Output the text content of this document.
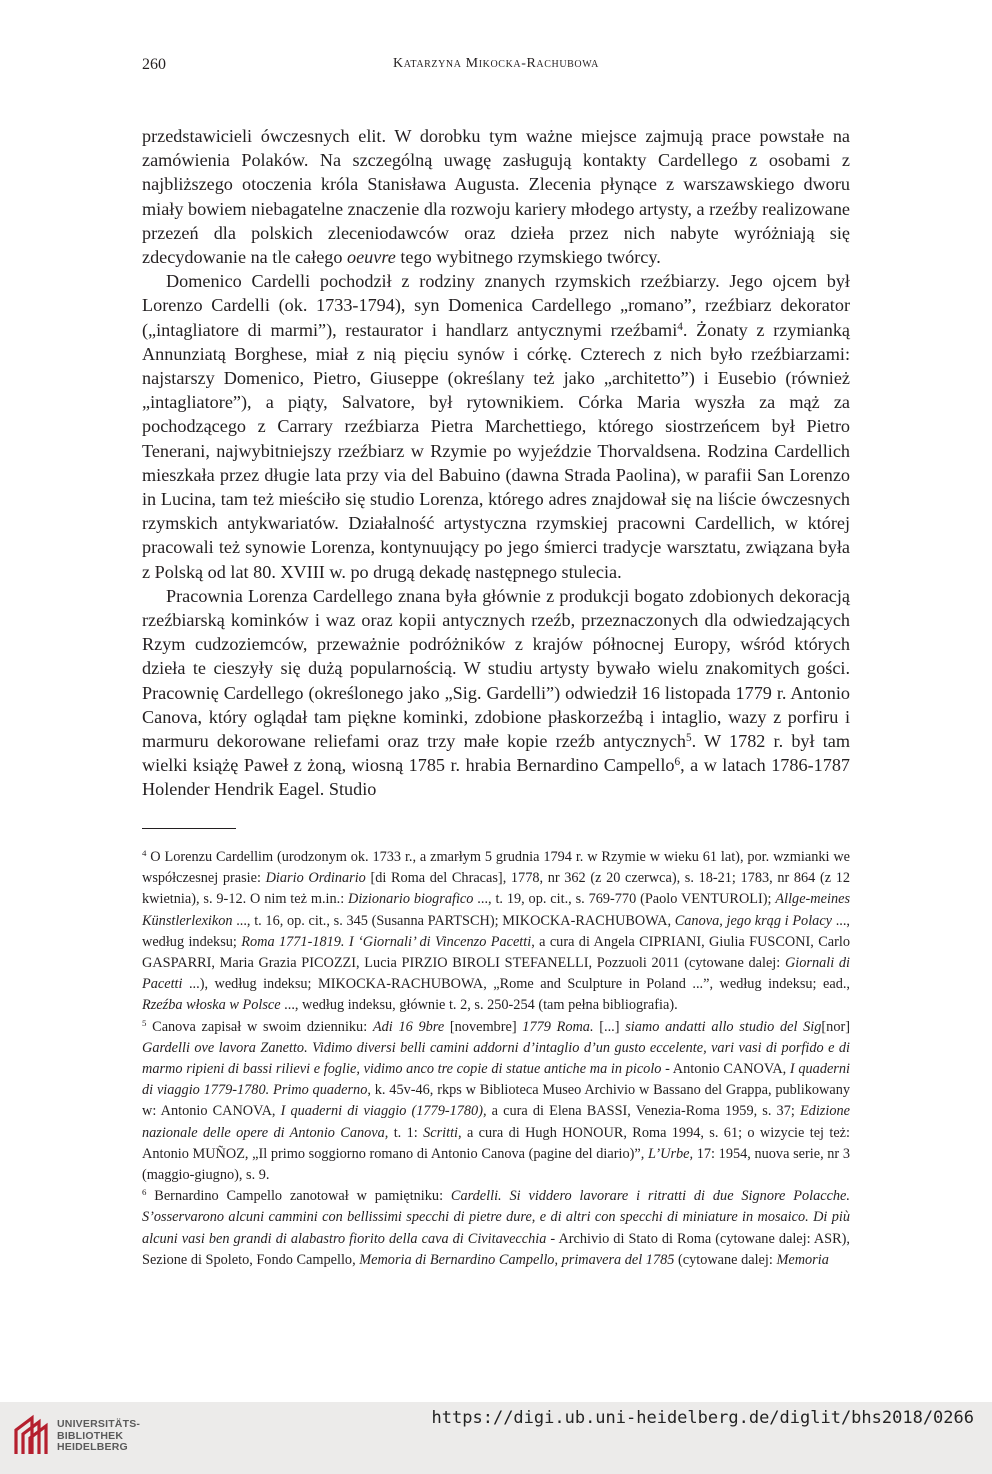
260	Katarzyna Mikocka-Rachubowa

przedstawicieli ówczesnych elit. W dorobku tym ważne miejsce zajmują prace powstałe na zamówienia Polaków. Na szczególną uwagę zasługują kontakty Cardellego z osobami z najbliższego otoczenia króla Stanisława Augusta. Zlecenia płynące z warszawskiego dworu miały bowiem niebagatelne znaczenie dla rozwoju kariery młodego artysty, a rzeźby realizowane przezeń dla polskich zleceniodawców oraz dzieła przez nich nabyte wyróżniają się zdecydowanie na tle całego oeuvre tego wybitnego rzymskiego twórcy.

Domenico Cardelli pochodził z rodziny znanych rzymskich rzeźbiarzy. Jego ojcem był Lorenzo Cardelli (ok. 1733-1794), syn Domenica Cardellego „romano”, rzeźbiarz dekorator („intagliatore di marmi”), restaurator i handlarz antycznymi rzeźbami$^4$. Żonaty z rzymianką Annunziatą Borghese, miał z nią pięciu synów i córkę. Czterech z nich było rzeźbiarzami: najstarszy Domenico, Pietro, Giuseppe (określany też jako „architetto”) i Eusebio (również „intagliatore”), a piąty, Salvatore, był rytownikiem. Córka Maria wyszła za mąż za pochodzącego z Carrary rzeźbiarza Pietra Marchettiego, którego siostrzeńcem był Pietro Tenerani, najwybitniejszy rzeźbiarz w Rzymie po wyjeździe Thorvaldsena. Rodzina Cardellich mieszkała przez długie lata przy via del Babuino (dawna Strada Paolina), w parafii San Lorenzo in Lucina, tam też mieściło się studio Lorenza, którego adres znajdował się na liście ówczesnych rzymskich antykwariatów. Działalność artystyczna rzymskiej pracowni Cardellich, w której pracowali też synowie Lorenza, kontynuujący po jego śmierci tradycje warsztatu, związana była z Polską od lat 80. XVIII w. po drugą dekadę następnego stulecia.

Pracownia Lorenza Cardellego znana była głównie z produkcji bogato zdobionych dekoracją rzeźbiarską kominków i waz oraz kopii antycznych rzeźb, przeznaczonych dla odwiedzających Rzym cudzoziemców, przeważnie podróżników z krajów północnej Europy, wśród których dzieła te cieszyły się dużą popularnością. W studiu artysty bywało wielu znakomitych gości. Pracownię Cardellego (określonego jako „Sig. Gardelli”) odwiedził 16 listopada 1779 r. Antonio Canova, który oglądał tam piękne kominki, zdobione płaskorzeźbą i intaglio, wazy z porfiru i marmuru dekorowane reliefami oraz trzy małe kopie rzeźb antycznych$^5$. W 1782 r. był tam wielki książę Paweł z żoną, wiosną 1785 r. hrabia Bernardino Campello$^6$, a w latach 1786-1787 Holender Hendrik Eagel. Studio

$^4$ O Lorenzu Cardellim (urodzonym ok. 1733 r., a zmarłym 5 grudnia 1794 r. w Rzymie w wieku 61 lat), por. wzmianki we współczesnej prasie: Diario Ordinario [di Roma del Chracas], 1778, nr 362 (z 20 czerwca), s. 18-21; 1783, nr 864 (z 12 kwietnia), s. 9-12. O nim też m.in.: Dizionario biografico ..., t. 19, op. cit., s. 769-770 (Paolo VENTUROLI); Allge-meines Künstlerlexikon ..., t. 16, op. cit., s. 345 (Susanna PARTSCH); MIKOCKA-RACHUBOWA, Canova, jego krąg i Polacy ..., według indeksu; Roma 1771-1819. I ‘Giornali’ di Vincenzo Pacetti, a cura di Angela CIPRIANI, Giulia FUSCONI, Carlo GASPARRI, Maria Grazia PICOZZI, Lucia PIRZIO BIROLI STEFANELLI, Pozzuoli 2011 (cytowane dalej: Giornali di Pacetti ...), według indeksu; MIKOCKA-RACHUBOWA, „Rome and Sculpture in Poland ...”, według indeksu; ead., Rzeźba włoska w Polsce ..., według indeksu, głównie t. 2, s. 250-254 (tam pełna bibliografia).

$^5$ Canova zapisał w swoim dzienniku: Adi 16 9bre [novembre] 1779 Roma. [...] siamo andatti allo studio del Sig[nor] Gardelli ove lavora Zanetto. Vidimo diversi belli camini addorni d’intaglio d’un gusto eccelente, vari vasi di porfido e di marmo ripieni di bassi rilievi e foglie, vidimo anco tre copie di statue antiche ma in picolo - Antonio CANOVA, I quaderni di viaggio 1779-1780. Primo quaderno, k. 45v-46, rkps w Biblioteca Museo Archivio w Bassano del Grappa, publikowany w: Antonio CANOVA, I quaderni di viaggio (1779-1780), a cura di Elena BASSI, Venezia-Roma 1959, s. 37; Edizione nazionale delle opere di Antonio Canova, t. 1: Scritti, a cura di Hugh HONOUR, Roma 1994, s. 61; o wizycie tej też: Antonio MUÑOZ, „Il primo soggiorno romano di Antonio Canova (pagine del diario)”, L’Urbe, 17: 1954, nuova serie, nr 3 (maggio-giugno), s. 9.

$^6$ Bernardino Campello zanotował w pamiętniku: Cardelli. Si viddero lavorare i ritratti di due Signore Polacche. S’osservarono alcuni cammini con bellissimi specchi di pietre dure, e di altri con specchi di miniature in mosaico. Di più alcuni vasi ben grandi di alabastro fiorito della cava di Civitavecchia - Archivio di Stato di Roma (cytowane dalej: ASR), Sezione di Spoleto, Fondo Campello, Memoria di Bernardino Campello, primavera del 1785 (cytowane dalej: Memoria

UNIVERSITÄTS-
BIBLIOTHEK
HEIDELBERG
https://digi.ub.uni-heidelberg.de/diglit/bhs2018/0266
